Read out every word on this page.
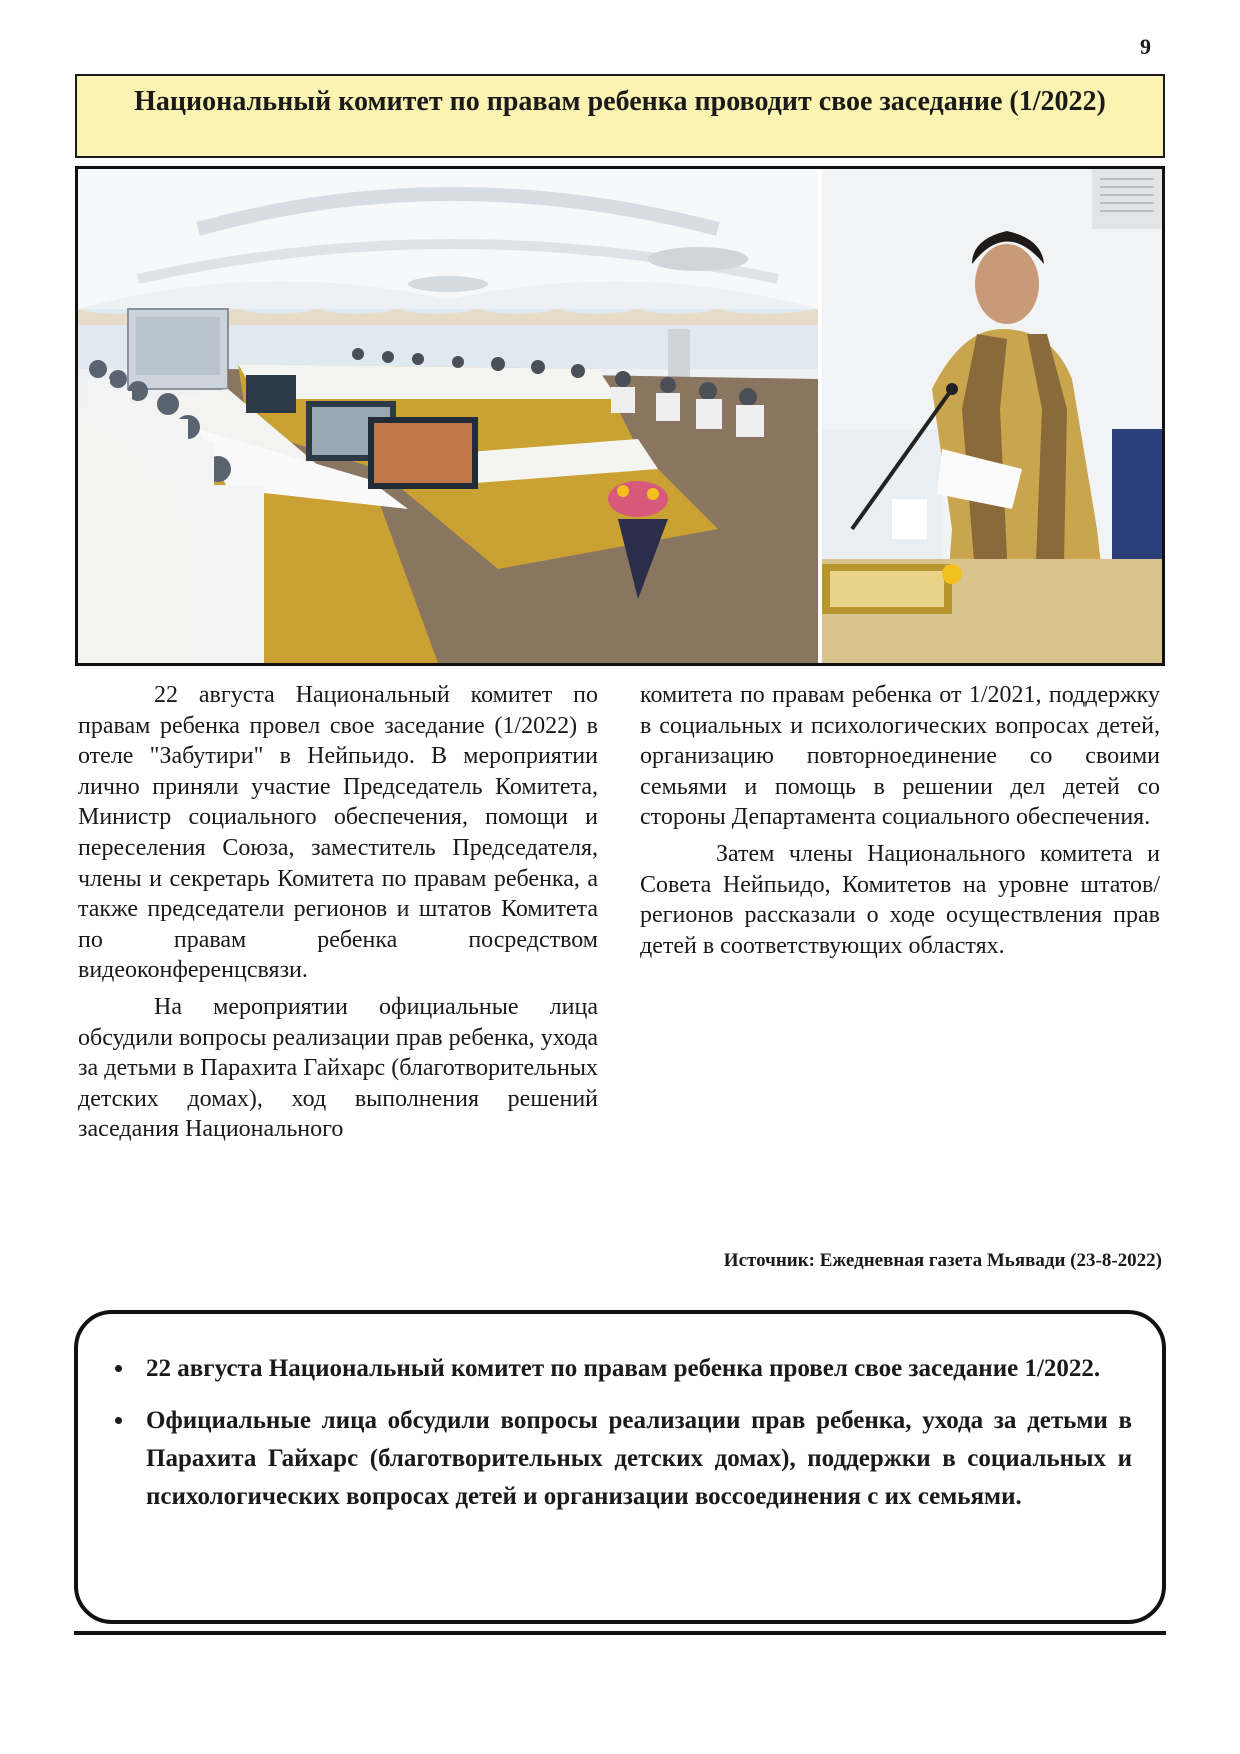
9
Национальный комитет по правам ребенка проводит свое заседание (1/2022)

22 августа Национальный комитет по правам ребенка провел свое заседание (1/2022) в отеле "Забутири" в Нейпьидо. В мероприятии лично приняли участие Председатель Комитета, Министр социального обеспечения, помощи и переселения Союза, заместитель Председателя, члены и секретарь Комитета по правам ребенка, а также председатели регионов и штатов Комитета по правам ребенка посредством видеоконференцсвязи.

На мероприятии официальные лица обсудили вопросы реализации прав ребенка, ухода за детьми в Парахита Гайхарс (благотворительных детских домах), ход выполнения решений заседания Национального

комитета по правам ребенка от 1/2021, поддержку в социальных и психологических вопросах детей, организацию повторноединение со своими семьями и помощь в решении дел детей со стороны Департамента социального обеспечения.

Затем члены Национального комитета и Совета Нейпьидо, Комитетов на уровне штатов/регионов рассказали о ходе осуществления прав детей в соответствующих областях.

Источник: Ежедневная газета Мьявади (23-8-2022)
• 22 августа Национальный комитет по правам ребенка провел свое заседание 1/2022.
• Официальные лица обсудили вопросы реализации прав ребенка, ухода за детьми в Парахита Гайхарс (благотворительных детских домах), поддержки в социальных и психологических вопросах детей и организации воссоединения с их семьями.
